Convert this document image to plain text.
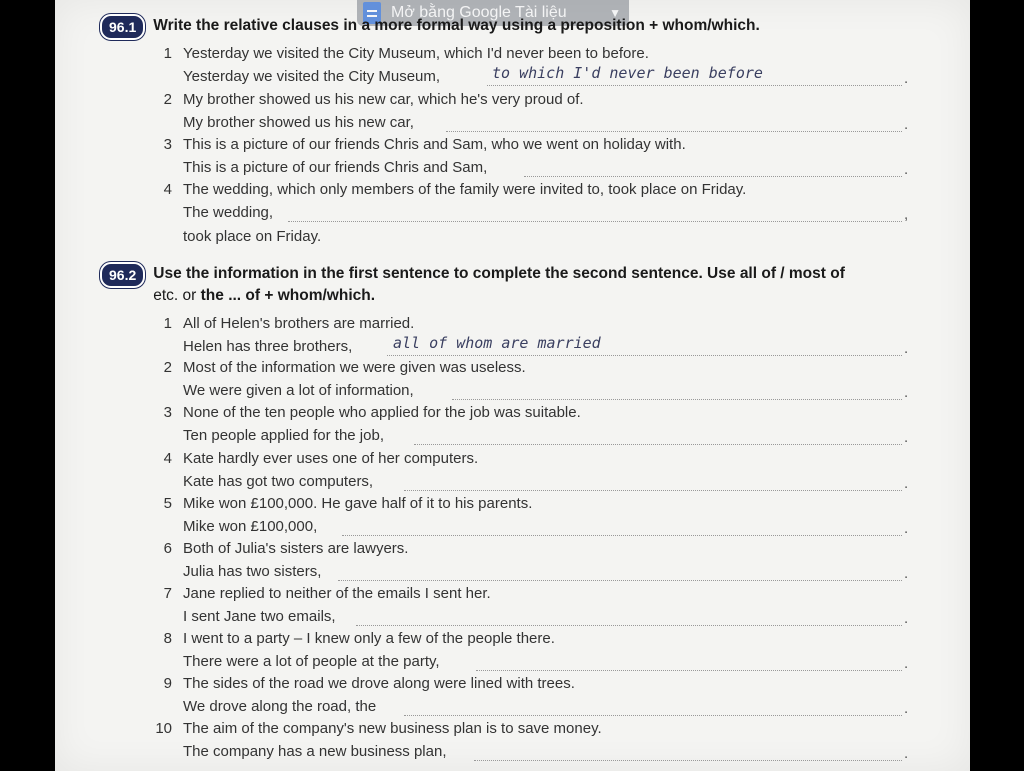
Mở bằng Google Tài liệu	▼
96.1	Write the relative clauses in a more formal way using a preposition + whom/which.
1 Yesterday we visited the City Museum, which I'd never been to before.
Yesterday we visited the City Museum,	to which I'd never been before	.
2 My brother showed us his new car, which he's very proud of.
My brother showed us his new car,	.
3 This is a picture of our friends Chris and Sam, who we went on holiday with.
This is a picture of our friends Chris and Sam,	.
4 The wedding, which only members of the family were invited to, took place on Friday.
The wedding,	,
took place on Friday.
96.2	Use the information in the first sentence to complete the second sentence. Use all of / most of
etc. or the ... of + whom/which.
1 All of Helen's brothers are married.
Helen has three brothers,	all of whom are married	.
2 Most of the information we were given was useless.
We were given a lot of information,	.
3 None of the ten people who applied for the job was suitable.
Ten people applied for the job,	.
4 Kate hardly ever uses one of her computers.
Kate has got two computers,	.
5 Mike won £100,000. He gave half of it to his parents.
Mike won £100,000,	.
6 Both of Julia's sisters are lawyers.
Julia has two sisters,	.
7 Jane replied to neither of the emails I sent her.
I sent Jane two emails,	.
8 I went to a party – I knew only a few of the people there.
There were a lot of people at the party,	.
9 The sides of the road we drove along were lined with trees.
We drove along the road, the	.
10 The aim of the company's new business plan is to save money.
The company has a new business plan,	.
